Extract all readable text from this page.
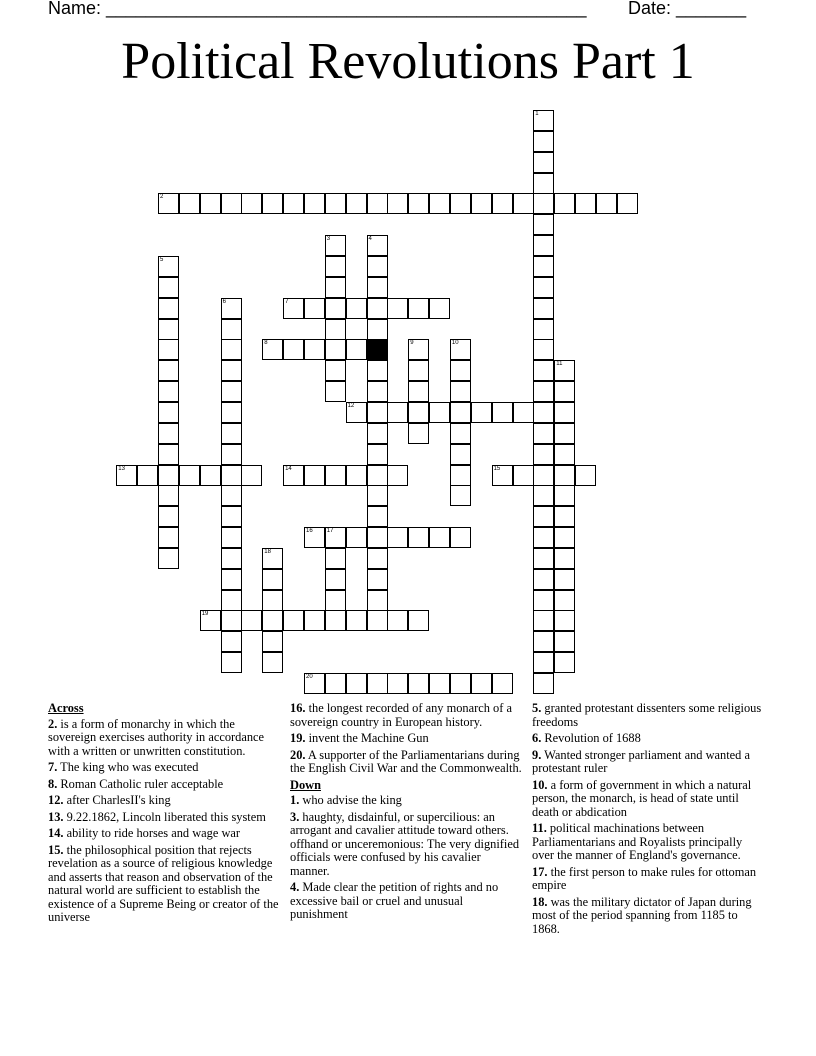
Name: ________________________________________________ Date: _______
Political Revolutions Part 1
1
2
3	4
5
6	7
8	9	10
11
12
13	14	15
16 17
18
19
20
Across
2. is a form of monarchy in which the sovereign exercises authority in accordance with a written or unwritten constitution.
7. The king who was executed
8. Roman Catholic ruler acceptable
12. after CharlesII's king
13. 9.22.1862, Lincoln liberated this system
14. ability to ride horses and wage war
15. the philosophical position that rejects revelation as a source of religious knowledge and asserts that reason and observation of the natural world are sufficient to establish the existence of a Supreme Being or creator of the universe
16. the longest recorded of any monarch of a sovereign country in European history.
19. invent the Machine Gun
20. A supporter of the Parliamentarians during the English Civil War and the Commonwealth.
Down
1. who advise the king
3. haughty, disdainful, or supercilious: an arrogant and cavalier attitude toward others. offhand or unceremonious: The very dignified officials were confused by his cavalier manner.
4. Made clear the petition of rights and no excessive bail or cruel and unusual punishment
5. granted protestant dissenters some religious freedoms
6. Revolution of 1688
9. Wanted stronger parliament and wanted a protestant ruler
10. a form of government in which a natural person, the monarch, is head of state until death or abdication
11. political machinations between Parliamentarians and Royalists principally over the manner of England's governance.
17. the first person to make rules for ottoman empire
18. was the military dictator of Japan during most of the period spanning from 1185 to 1868.
